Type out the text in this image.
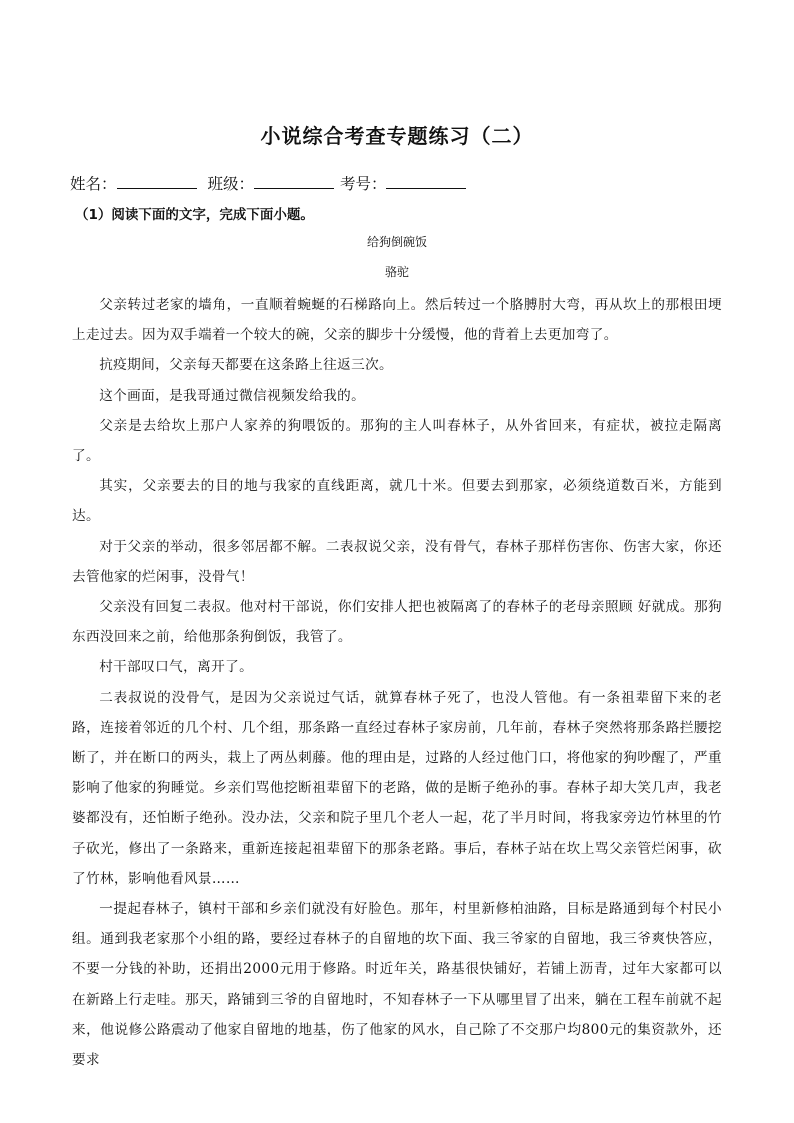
小说综合考查专题练习（二）
姓名：	班级：	考号：
（1）阅读下面的文字，完成下面小题。
给狗倒碗饭
骆驼

父亲转过老家的墙角，一直顺着蜿蜒的石梯路向上。然后转过一个胳膊肘大弯，再从坎上的那根田埂上走过去。因为双手端着一个较大的碗，父亲的脚步十分缓慢，他的背着上去更加弯了。

抗疫期间，父亲每天都要在这条路上往返三次。

这个画面，是我哥通过微信视频发给我的。

父亲是去给坎上那户人家养的狗喂饭的。那狗的主人叫春林子，从外省回来，有症状，被拉走隔离了。

其实，父亲要去的目的地与我家的直线距离，就几十米。但要去到那家，必须绕道数百米，方能到达。

对于父亲的举动，很多邻居都不解。二表叔说父亲，没有骨气，春林子那样伤害你、伤害大家，你还去管他家的烂闲事，没骨气！

父亲没有回复二表叔。他对村干部说，你们安排人把也被隔离了的春林子的老母亲照顾 好就成。那狗东西没回来之前，给他那条狗倒饭，我管了。

村干部叹口气，离开了。

二表叔说的没骨气，是因为父亲说过气话，就算春林子死了，也没人管他。有一条祖辈留下来的老路，连接着邻近的几个村、几个组，那条路一直经过春林子家房前，几年前，春林子突然将那条路拦腰挖断了，并在断口的两头，栽上了两丛刺藤。他的理由是，过路的人经过他门口，将他家的狗吵醒了，严重影响了他家的狗睡觉。乡亲们骂他挖断祖辈留下的老路，做的是断子绝孙的事。春林子却大笑几声，我老婆都没有，还怕断子绝孙。没办法，父亲和院子里几个老人一起，花了半月时间，将我家旁边竹林里的竹子砍光，修出了一条路来，重新连接起祖辈留下的那条老路。事后，春林子站在坎上骂父亲管烂闲事，砍了竹林，影响他看风景……

一提起春林子，镇村干部和乡亲们就没有好脸色。那年，村里新修柏油路，目标是路通到每个村民小组。通到我老家那个小组的路，要经过春林子的自留地的坎下面、我三爷家的自留地，我三爷爽快答应，不要一分钱的补助，还捐出2000元用于修路。时近年关，路基很快铺好，若铺上沥青，过年大家都可以在新路上行走哇。那天，路铺到三爷的自留地时，不知春林子一下从哪里冒了出来，躺在工程车前就不起来，他说修公路震动了他家自留地的地基，伤了他家的风水，自己除了不交那户均800元的集资款外，还要求
